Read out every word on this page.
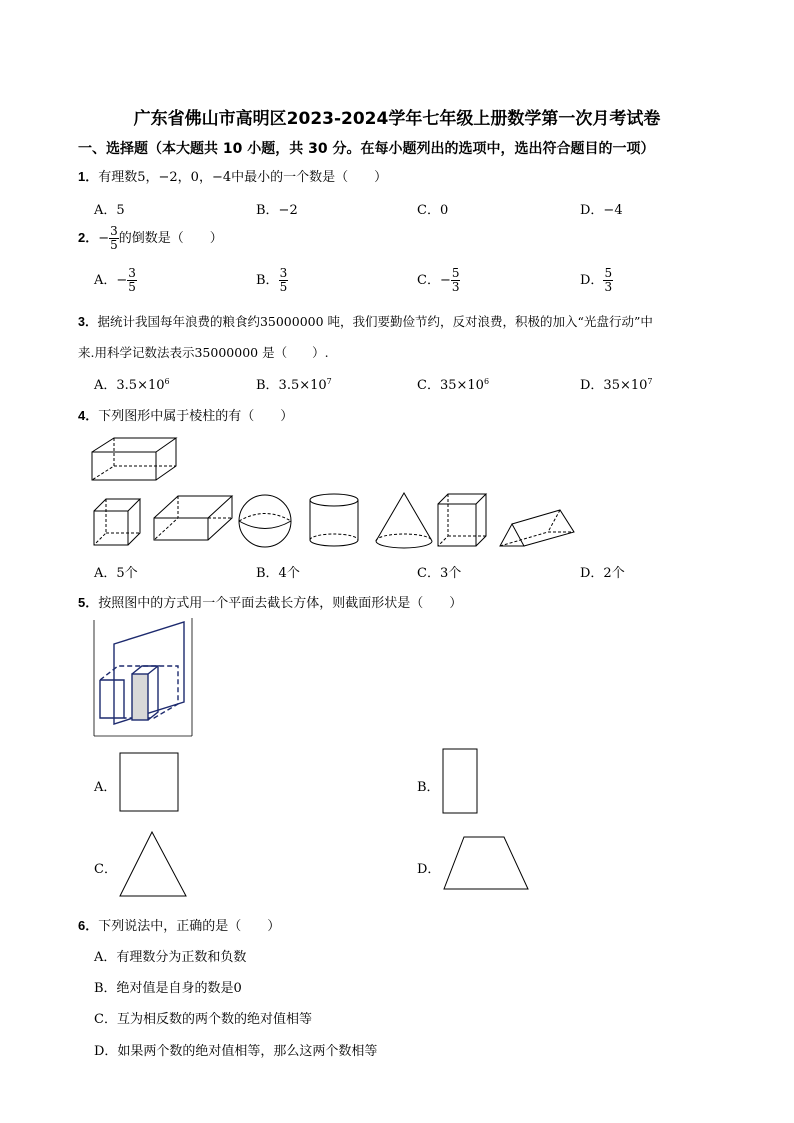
广东省佛山市高明区2023-2024学年七年级上册数学第一次月考试卷
一、选择题（本大题共 10 小题，共 30 分。在每小题列出的选项中，选出符合题目的一项）
1．有理数5，−2，0，−4中最小的一个数是（　　）
A．5	B．−2	C．0	D．−4
2．− $\frac{3}{5}$ 的倒数是（　　）
A．− $\frac{3}{5}$	B． $\frac{3}{5}$	C．− $\frac{5}{3}$	D． $\frac{5}{3}$
3．据统计我国每年浪费的粮食约35000000 吨，我们要勤俭节约，反对浪费，积极的加入“光盘行动”中
来.用科学记数法表示35000000 是（　　）.
A．$3.5\times 10^6$	B．$3.5\times 10^7$	C．$35\times 10^6$	D．$35\times 10^7$
4．下列图形中属于棱柱的有（　　）
A．5个	B．4个	C．3个	D．2个
5．按照图中的方式用一个平面去截长方体，则截面形状是（　　）
A．	B．
C．	D．
6．下列说法中，正确的是（　　）
A．有理数分为正数和负数
B．绝对值是自身的数是0
C．互为相反数的两个数的绝对值相等
D．如果两个数的绝对值相等，那么这两个数相等
